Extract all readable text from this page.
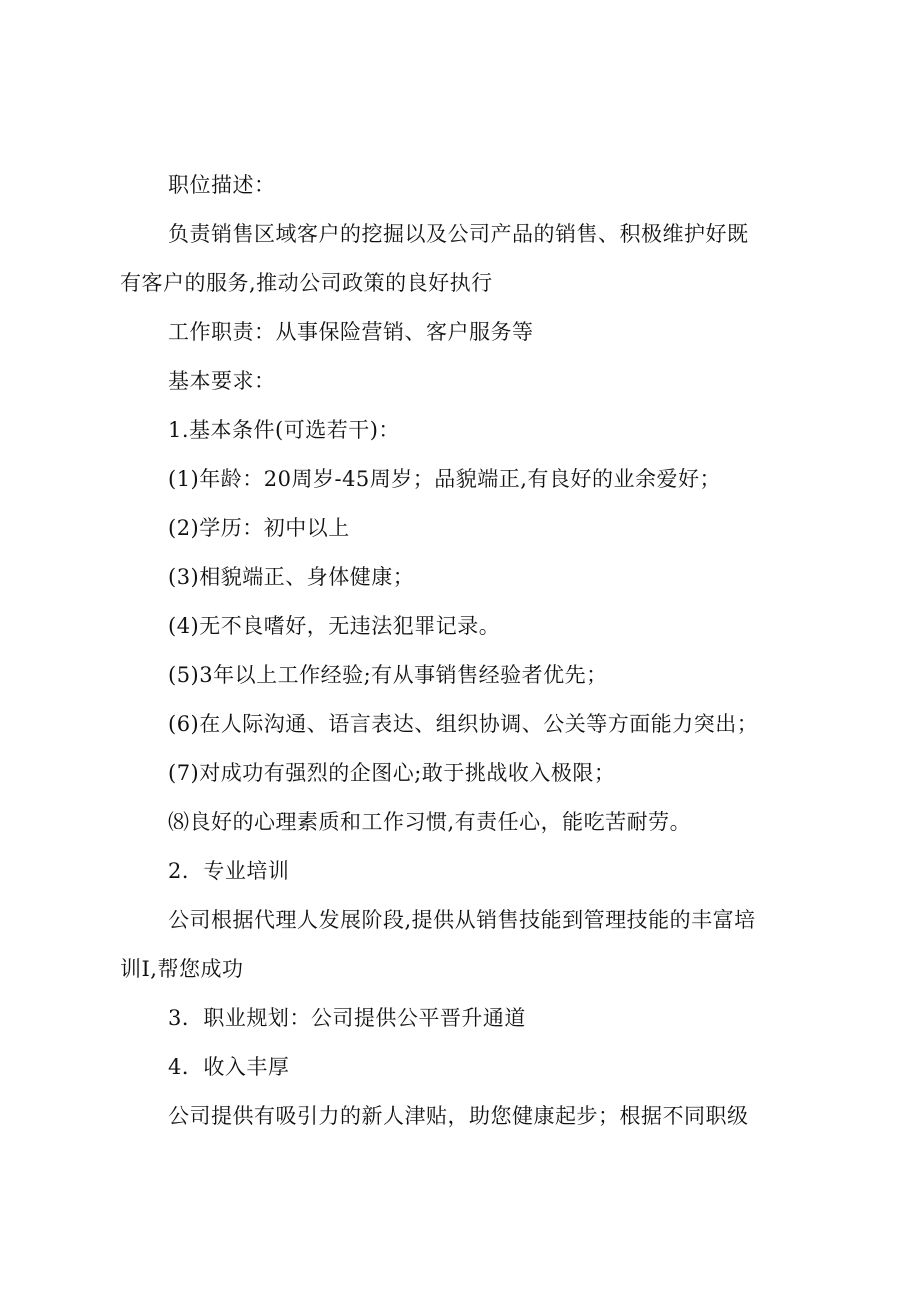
职位描述：
负责销售区域客户的挖掘以及公司产品的销售、积极维护好既
有客户的服务,推动公司政策的良好执行
工作职责：从事保险营销、客户服务等
基本要求：
1.基本条件(可选若干)：
(1)年龄：20周岁-45周岁；品貌端正,有良好的业余爱好；
(2)学历：初中以上
(3)相貌端正、身体健康；
(4)无不良嗜好，无违法犯罪记录。
(5)3年以上工作经验;有从事销售经验者优先；
(6)在人际沟通、语言表达、组织协调、公关等方面能力突出；
(7)对成功有强烈的企图心;敢于挑战收入极限；
⑻良好的心理素质和工作习惯,有责任心，能吃苦耐劳。
2．专业培训
公司根据代理人发展阶段,提供从销售技能到管理技能的丰富培
训I,帮您成功
3．职业规划：公司提供公平晋升通道
4．收入丰厚
公司提供有吸引力的新人津贴，助您健康起步；根据不同职级
